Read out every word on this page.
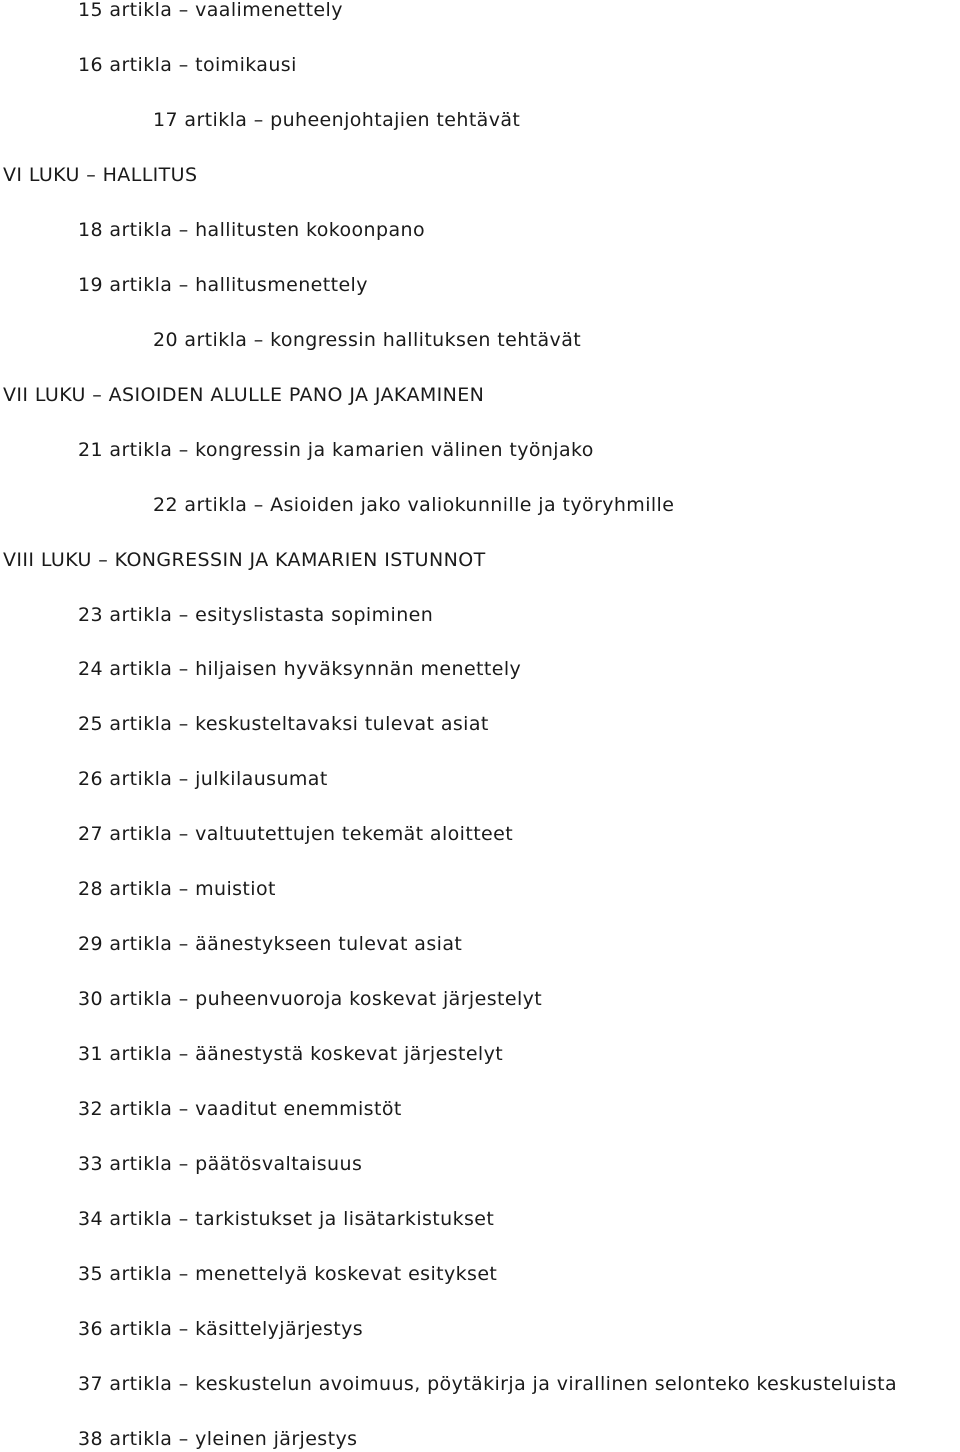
15 artikla – vaalimenettely
16 artikla – toimikausi
17 artikla – puheenjohtajien tehtävät
VI LUKU – HALLITUS
18 artikla – hallitusten kokoonpano
19 artikla – hallitusmenettely
20 artikla – kongressin hallituksen tehtävät
VII LUKU – ASIOIDEN ALULLE PANO JA JAKAMINEN
21 artikla – kongressin ja kamarien välinen työnjako
22 artikla – Asioiden jako valiokunnille ja työryhmille
VIII LUKU – KONGRESSIN JA KAMARIEN ISTUNNOT
23 artikla – esityslistasta sopiminen
24 artikla – hiljaisen hyväksynnän menettely
25 artikla – keskusteltavaksi tulevat asiat
26 artikla – julkilausumat
27 artikla – valtuutettujen tekemät aloitteet
28 artikla – muistiot
29 artikla – äänestykseen tulevat asiat
30 artikla – puheenvuoroja koskevat järjestelyt
31 artikla – äänestystä koskevat järjestelyt
32 artikla – vaaditut enemmistöt
33 artikla – päätösvaltaisuus
34 artikla – tarkistukset ja lisätarkistukset
35 artikla – menettelyä koskevat esitykset
36 artikla – käsittelyjärjestys
37 artikla – keskustelun avoimuus, pöytäkirja ja virallinen selonteko keskusteluista
38 artikla – yleinen järjestys
